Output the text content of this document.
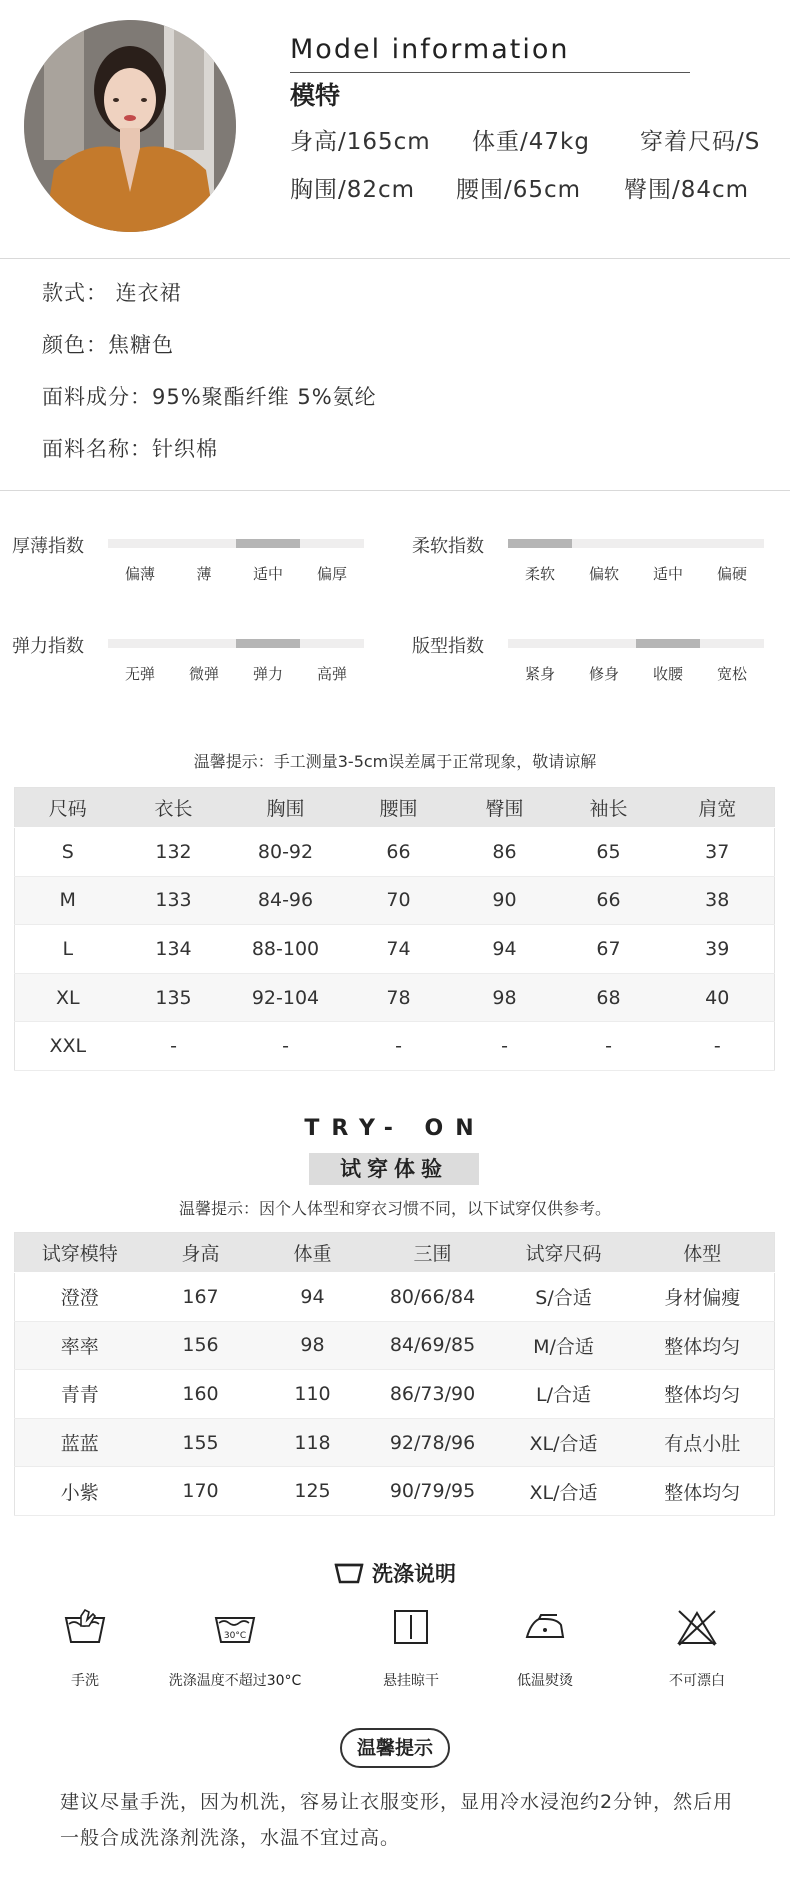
Model information
模特
身高/165cm 体重/47kg 穿着尺码/S
胸围/82cm 腰围/65cm 臀围/84cm
款式： 连衣裙
颜色：焦糖色
面料成分：95%聚酯纤维 5%氨纶
面料名称：针织棉
厚薄指数
偏薄	薄	适中	偏厚
柔软指数
柔软	偏软	适中	偏硬
弹力指数
无弹	微弹	弹力	高弹
版型指数
紧身	修身	收腰	宽松
温馨提示：手工测量3-5cm误差属于正常现象，敬请谅解
尺码	衣长	胸围	腰围	臀围	袖长	肩宽
S	132	80-92	66	86	65	37
M	133	84-96	70	90	66	38
L	134	88-100	74	94	67	39
XL	135	92-104	78	98	68	40
XXL	-	-	-	-	-	-
TRY- ON
试穿体验
温馨提示：因个人体型和穿衣习惯不同，以下试穿仅供参考。
试穿模特	身高	体重	三围	试穿尺码	体型
澄澄	167	94	80/66/84	S/合适	身材偏瘦
率率	156	98	84/69/85	M/合适	整体均匀
青青	160	110	86/73/90	L/合适	整体均匀
蓝蓝	155	118	92/78/96	XL/合适	有点小肚
小紫	170	125	90/79/95	XL/合适	整体均匀
洗涤说明
手洗
30°C
洗涤温度不超过30°C	悬挂晾干	低温熨烫	不可漂白
温馨提示
建议尽量手洗，因为机洗，容易让衣服变形，显用冷水浸泡约2分钟，然后用一般合成洗涤剂洗涤，水温不宜过高。
